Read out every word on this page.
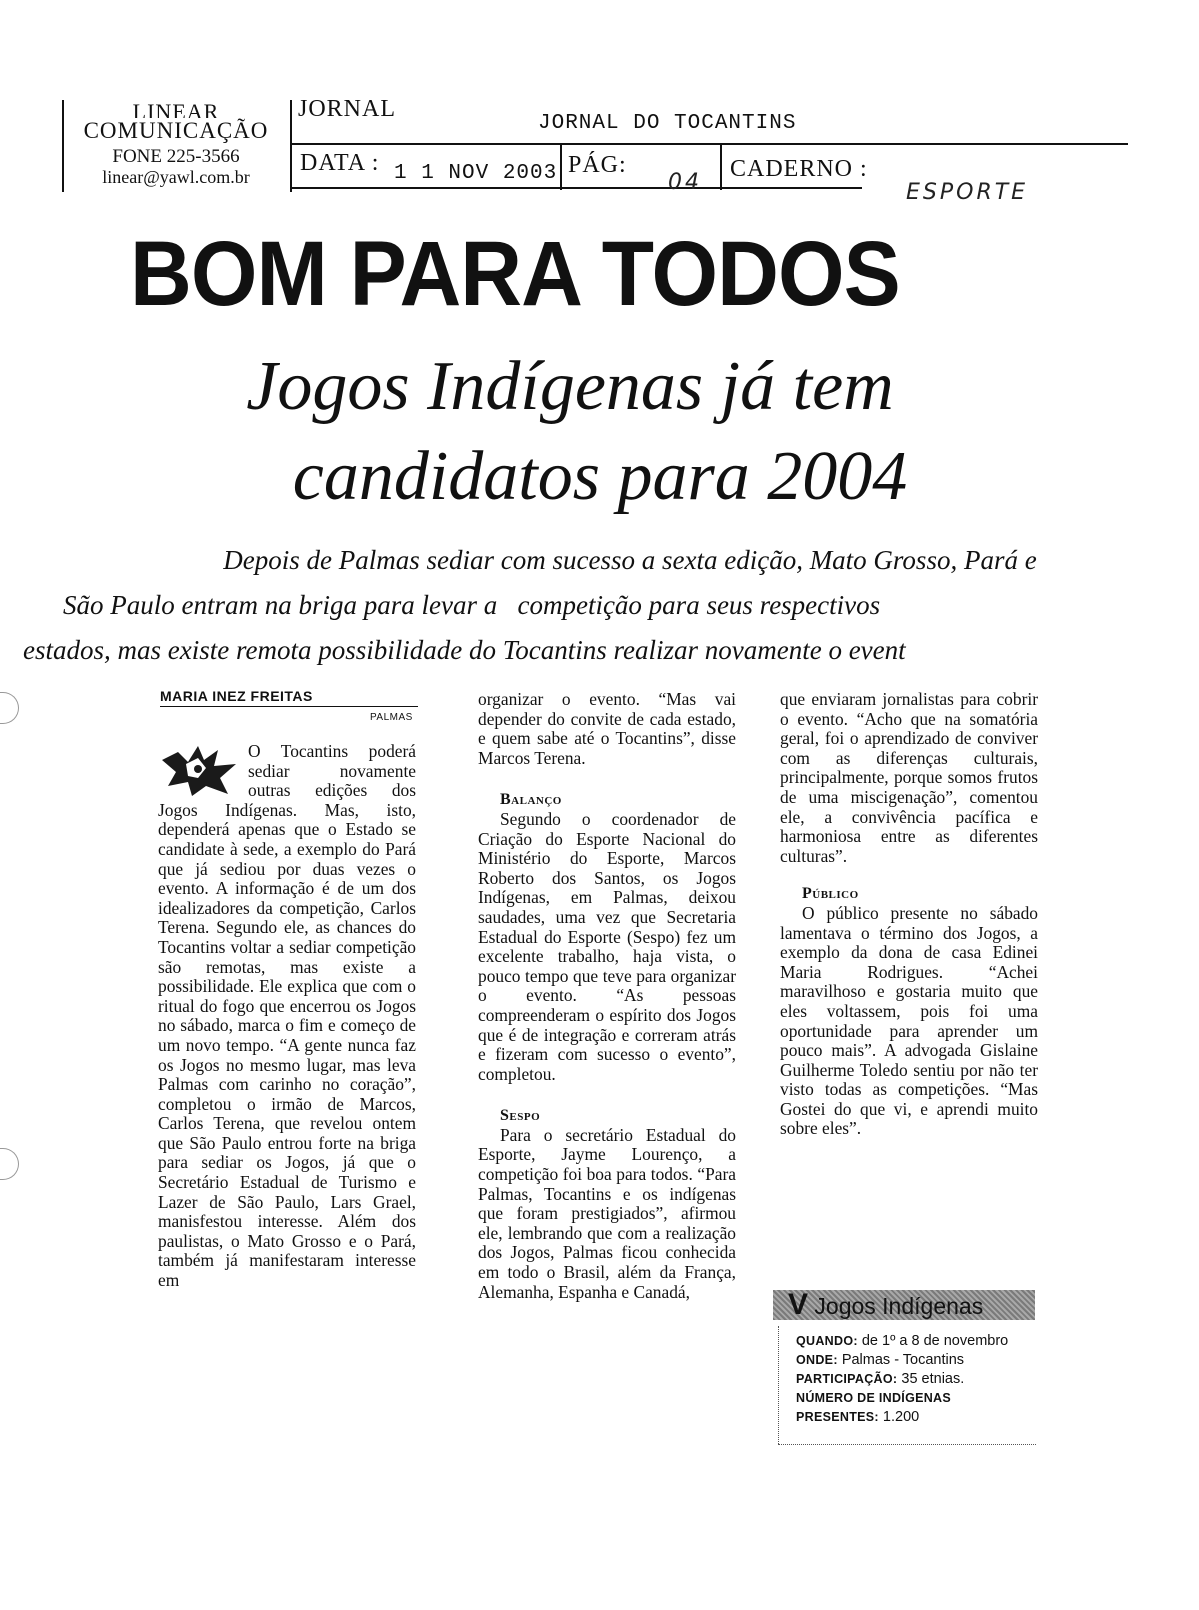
LINEAR
COMUNICAÇÃO
FONE 225-3566
linear@yawl.com.br
JORNAL
JORNAL DO TOCANTINS
DATA : 1 1 NOV 2003 PÁG:
04
CADERNO :
ESPORTE
BOM PARA TODOS
Jogos Indígenas já tem
candidatos para 2004
Depois de Palmas sediar com sucesso a sexta edição, Mato Grosso, Pará e
São Paulo entram na briga para levar a   competição para seus respectivos
estados, mas existe remota possibilidade do Tocantins realizar novamente o event
MARIA INEZ FREITAS
PALMAS

O Tocantins poderá sediar novamente outras edições dos Jogos Indígenas. Mas, isto, dependerá apenas que o Estado se candidate à sede, a exemplo do Pará que já sediou por duas vezes o evento. A informação é de um dos idealizadores da competição, Carlos Terena. Segundo ele, as chances do Tocantins voltar a sediar competição são remotas, mas existe a possibilidade. Ele explica que com o ritual do fogo que encerrou os Jogos no sábado, marca o fim e começo de um novo tempo. “A gente nunca faz os Jogos no mesmo lugar, mas leva Palmas com carinho no coração”, completou o irmão de Marcos, Carlos Terena, que revelou ontem que São Paulo entrou forte na briga para sediar os Jogos, já que o Secretário Estadual de Turismo e Lazer de São Paulo, Lars Grael, manisfestou interesse. Além dos paulistas, o Mato Grosso e o Pará, também já manifestaram interesse em

organizar o evento. “Mas vai depender do convite de cada estado, e quem sabe até o Tocantins”, disse Marcos Terena.

Balanço

Segundo o coordenador de Criação do Esporte Nacional do Ministério do Esporte, Marcos Roberto dos Santos, os Jogos Indígenas, em Palmas, deixou saudades, uma vez que Secretaria Estadual do Esporte (Sespo) fez um excelente trabalho, haja vista, o pouco tempo que teve para organizar o evento. “As pessoas compreenderam o espírito dos Jogos que é de integração e correram atrás e fizeram com sucesso o evento”, completou.

Sespo

Para o secretário Estadual do Esporte, Jayme Lourenço, a competição foi boa para todos. “Para Palmas, Tocantins e os indígenas que foram prestigiados”, afirmou ele, lembrando que com a realização dos Jogos, Palmas ficou conhecida em todo o Brasil, além da França, Alemanha, Espanha e Canadá,

que enviaram jornalistas para cobrir o evento. “Acho que na somatória geral, foi o aprendizado de conviver com as diferenças culturais, principalmente, porque somos frutos de uma miscigenação”, comentou ele, a convivência pacífica e harmoniosa entre as diferentes culturas”.

Público

O público presente no sábado lamentava o término dos Jogos, a exemplo da dona de casa Edinei Maria Rodrigues. “Achei maravilhoso e gostaria muito que eles voltassem, pois foi uma oportunidade para aprender um pouco mais”. A advogada Gislaine Guilherme Toledo sentiu por não ter visto todas as competições. “Mas Gostei do que vi, e aprendi muito sobre eles”.

V Jogos Indígenas
QUANDO: de 1º a 8 de novembro
ONDE: Palmas - Tocantins
PARTICIPAÇÃO: 35 etnias.
NÚMERO DE INDÍGENAS
PRESENTES: 1.200
